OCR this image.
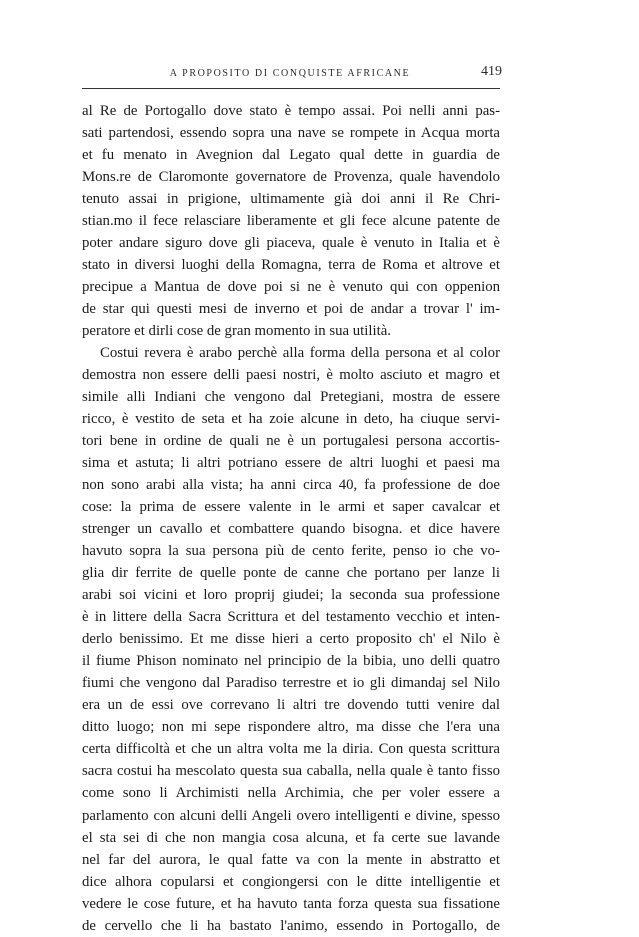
A PROPOSITO DI CONQUISTE AFRICANE	419
al Re de Portogallo dove stato è tempo assai. Poi nelli anni pas-
sati partendosi, essendo sopra una nave se rompete in Acqua morta
et fu menato in Avegnion dal Legato qual dette in guardia de
Mons.re de Claromonte governatore de Provenza, quale havendolo
tenuto assai in prigione, ultimamente già doi anni il Re Chri-
stian.mo il fece relasciare liberamente et gli fece alcune patente de
poter andare siguro dove gli piaceva, quale è venuto in Italia et è
stato in diversi luoghi della Romagna, terra de Roma et altrove et
precipue a Mantua de dove poi si ne è venuto qui con oppenion
de star qui questi mesi de inverno et poi de andar a trovar l' im-
peratore et dirli cose de gran momento in sua utilità.
Costui revera è arabo perchè alla forma della persona et al color
demostra non essere delli paesi nostri, è molto asciuto et magro et
simile alli Indiani che vengono dal Pretegiani, mostra de essere
ricco, è vestito de seta et ha zoie alcune in deto, ha ciuque servi-
tori bene in ordine de quali ne è un portugalesi persona accortis-
sima et astuta; li altri potriano essere de altri luoghi et paesi ma
non sono arabi alla vista; ha anni circa 40, fa professione de doe
cose: la prima de essere valente in le armi et saper cavalcar et
strenger un cavallo et combattere quando bisogna. et dice havere
havuto sopra la sua persona più de cento ferite, penso io che vo-
glia dir ferrite de quelle ponte de canne che portano per lanze li
arabi soi vicini et loro proprij giudei; la seconda sua professione
è in littere della Sacra Scrittura et del testamento vecchio et inten-
derlo benissimo. Et me disse hieri a certo proposito ch' el Nilo è
il fiume Phison nominato nel principio de la bibia, uno delli quatro
fiumi che vengono dal Paradiso terrestre et io gli dimandaj sel Nilo
era un de essi ove correvano li altri tre dovendo tutti venire dal
ditto luogo; non mi sepe rispondere altro, ma disse che l'era una
certa difficoltà et che un altra volta me la diria. Con questa scrittura
sacra costui ha mescolato questa sua caballa, nella quale è tanto fisso
come sono li Archimisti nella Archimia, che per voler essere a
parlamento con alcuni delli Angeli overo intelligenti e divine, spesso
el sta sei di che non mangia cosa alcuna, et fa certe sue lavande
nel far del aurora, le qual fatte va con la mente in abstratto et
dice alhora copularsi et congiongersi con le ditte intelligentie et
vedere le cose future, et ha havuto tanta forza questa sua fissatione
de cervello che li ha bastato l'animo, essendo in Portogallo, de
